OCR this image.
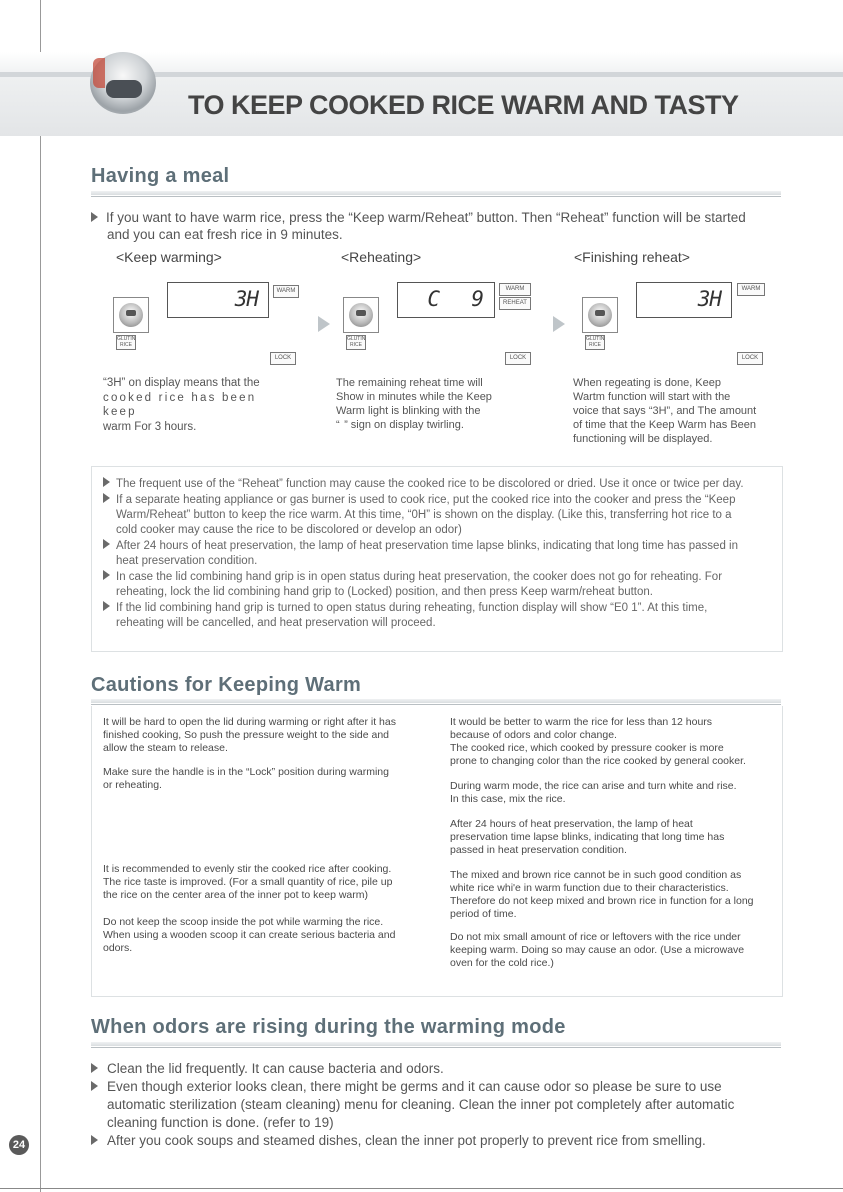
TO KEEP COOKED RICE WARM AND TASTY
Having a meal
If you want to have warm rice, press the “Keep warm/Reheat” button. Then “Reheat” function will be started
and you can eat fresh rice in 9 minutes.
<Keep warming>	<Reheating>	<Finishing reheat>
3H	WARM
GLUTIN RICE
LOCK
C  9	WARM
REHEAT
GLUTIN RICE
LOCK
3H	WARM
GLUTIN RICE
LOCK
“3H” on display means that the
cooked rice has been keep
warm For 3 hours.
The remaining reheat time will
Show in minutes while the Keep
Warm light is blinking with the
“  ” sign on display twirling.
When regeating is done, Keep
Wartm function will start with the
voice that says “3H”, and The amount
of time that the Keep Warm has Been
functioning will be displayed.
The frequent use of the “Reheat” function may cause the cooked rice to be discolored or dried. Use it once or twice per day.
If a separate heating appliance or gas burner is used to cook rice, put the cooked rice into the cooker and press the “Keep
Warm/Reheat” button to keep the rice warm. At this time, “0H” is shown on the display. (Like this, transferring hot rice to a
cold cooker may cause the rice to be discolored or develop an odor)
After 24 hours of heat preservation, the lamp of heat preservation time lapse blinks, indicating that long time has passed in
heat preservation condition.
In case the lid combining hand grip is in open status during heat preservation, the cooker does not go for reheating. For
reheating, lock the lid combining hand grip to (Locked) position, and then press Keep warm/reheat button.
If the lid combining hand grip is turned to open status during reheating, function display will show “E0 1”. At this time,
reheating will be cancelled, and heat preservation will proceed.
Cautions for Keeping Warm
It will be hard to open the lid during warming or right after it has
finished cooking, So push the pressure weight to the side and
allow the steam to release.
Make sure the handle is in the “Lock” position during warming
or reheating.
It is recommended to evenly stir the cooked rice after cooking.
The rice taste is improved. (For a small quantity of rice, pile up
the rice on the center area of the inner pot to keep warm)
Do not keep the scoop inside the pot while warming the rice.
When using a wooden scoop it can create serious bacteria and
odors.
It would be better to warm the rice for less than 12 hours
because of odors and color change.
The cooked rice, which cooked by pressure cooker is more
prone to changing color than the rice cooked by general cooker.
During warm mode, the rice can arise and turn white and rise.
In this case, mix the rice.
After 24 hours of heat preservation, the lamp of heat
preservation time lapse blinks, indicating that long time has
passed in heat preservation condition.
The mixed and brown rice cannot be in such good condition as
white rice whi'e in warm function due to their characteristics.
Therefore do not keep mixed and brown rice in function for a long
period of time.
Do not mix small amount of rice or leftovers with the rice under
keeping warm. Doing so may cause an odor. (Use a microwave
oven for the cold rice.)
When odors are rising during the warming mode
Clean the lid frequently. It can cause bacteria and odors.
Even though exterior looks clean, there might be germs and it can cause odor so please be sure to use
automatic sterilization (steam cleaning) menu for cleaning. Clean the inner pot completely after automatic
cleaning function is done. (refer to 19)
After you cook soups and steamed dishes, clean the inner pot properly to prevent rice from smelling.
24
